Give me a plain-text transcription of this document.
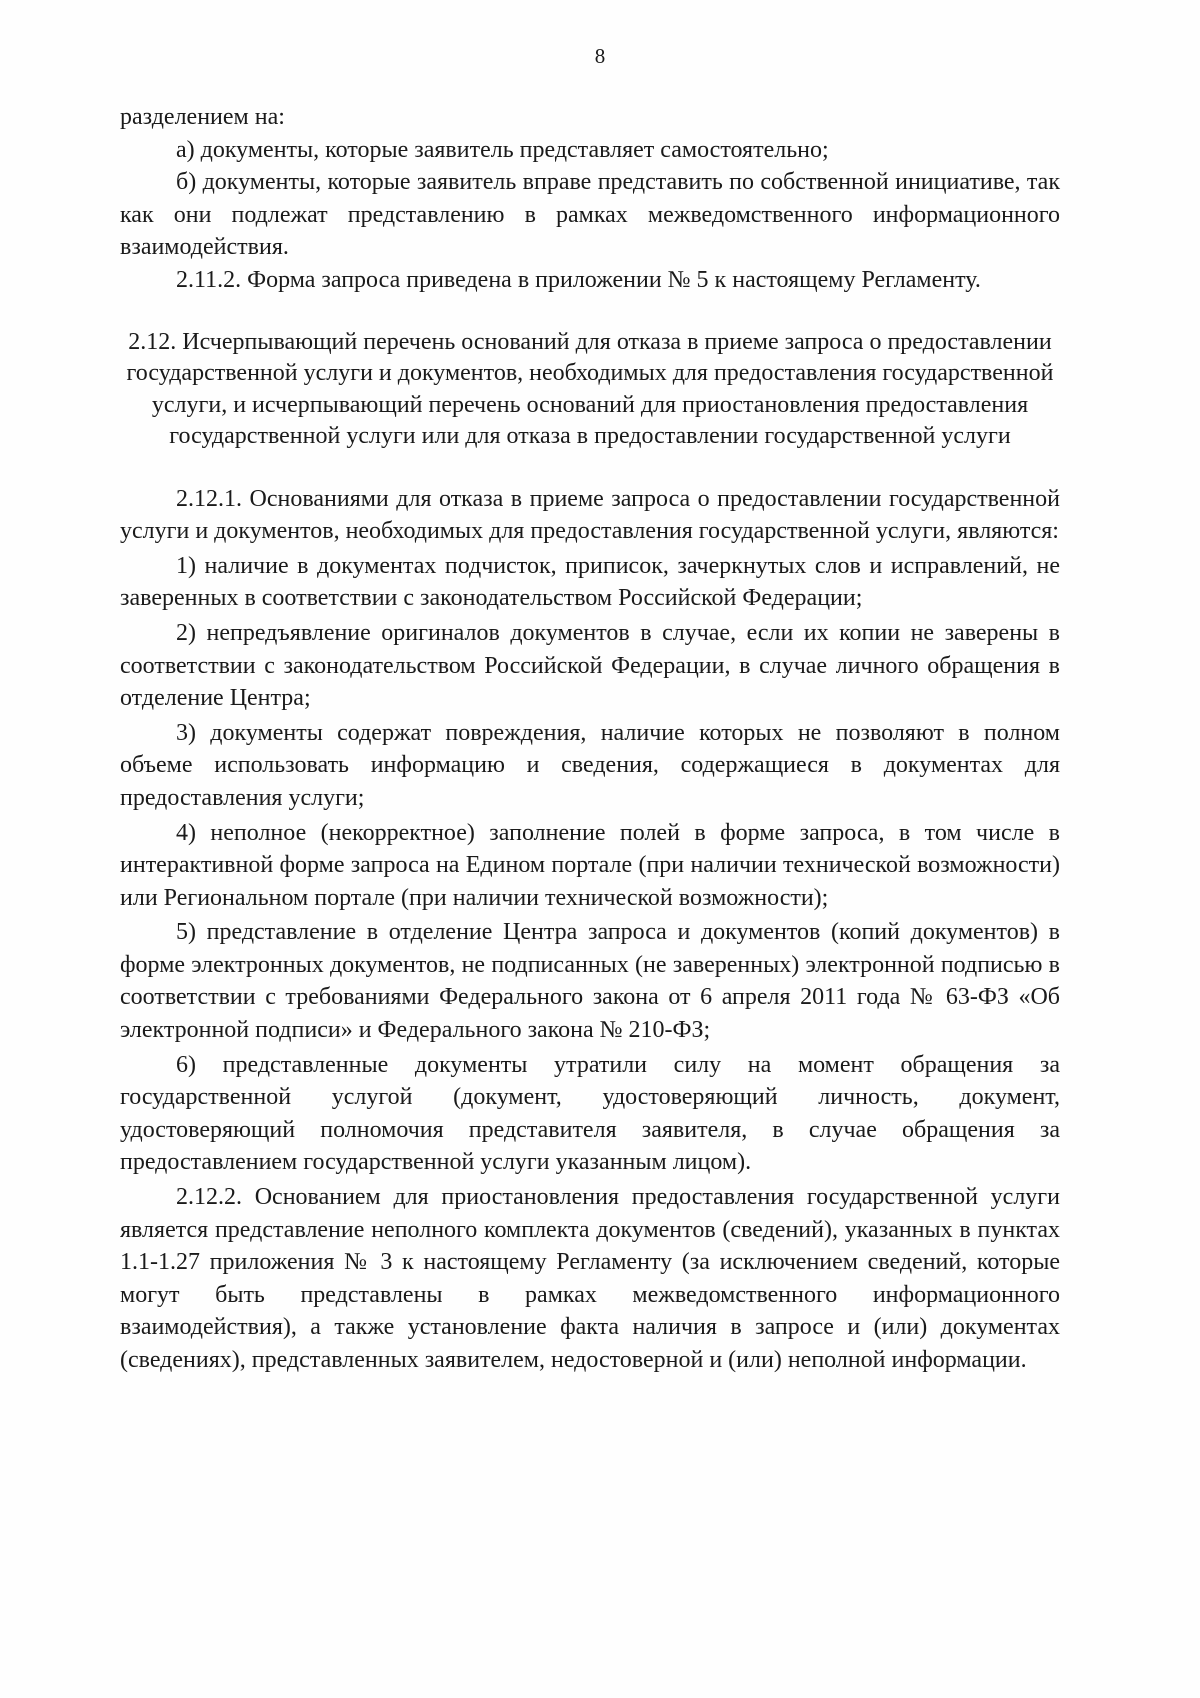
8

разделением на:

а) документы, которые заявитель представляет самостоятельно;

б) документы, которые заявитель вправе представить по собственной инициативе, так как они подлежат представлению в рамках межведомственного информационного взаимодействия.

2.11.2. Форма запроса приведена в приложении № 5 к настоящему Регламенту.

2.12. Исчерпывающий перечень оснований для отказа в приеме запроса о предоставлении государственной услуги и документов, необходимых для предоставления государственной услуги, и исчерпывающий перечень оснований для приостановления предоставления государственной услуги или для отказа в предоставлении государственной услуги

2.12.1. Основаниями для отказа в приеме запроса о предоставлении государственной услуги и документов, необходимых для предоставления государственной услуги, являются:

1) наличие в документах подчисток, приписок, зачеркнутых слов и исправлений, не заверенных в соответствии с законодательством Российской Федерации;

2) непредъявление оригиналов документов в случае, если их копии не заверены в соответствии с законодательством Российской Федерации, в случае личного обращения в отделение Центра;

3) документы содержат повреждения, наличие которых не позволяют в полном объеме использовать информацию и сведения, содержащиеся в документах для предоставления услуги;

4) неполное (некорректное) заполнение полей в форме запроса, в том числе в интерактивной форме запроса на Едином портале (при наличии технической возможности) или Региональном портале (при наличии технической возможности);

5) представление в отделение Центра запроса и документов (копий документов) в форме электронных документов, не подписанных (не заверенных) электронной подписью в соответствии с требованиями Федерального закона от 6 апреля 2011 года № 63-ФЗ «Об электронной подписи» и Федерального закона № 210-ФЗ;

6) представленные документы утратили силу на момент обращения за государственной услугой (документ, удостоверяющий личность, документ, удостоверяющий полномочия представителя заявителя, в случае обращения за предоставлением государственной услуги указанным лицом).

2.12.2. Основанием для приостановления предоставления государственной услуги является представление неполного комплекта документов (сведений), указанных в пунктах 1.1-1.27 приложения № 3 к настоящему Регламенту (за исключением сведений, которые могут быть представлены в рамках межведомственного информационного взаимодействия), а также установление факта наличия в запросе и (или) документах (сведениях), представленных заявителем, недостоверной и (или) неполной информации.
